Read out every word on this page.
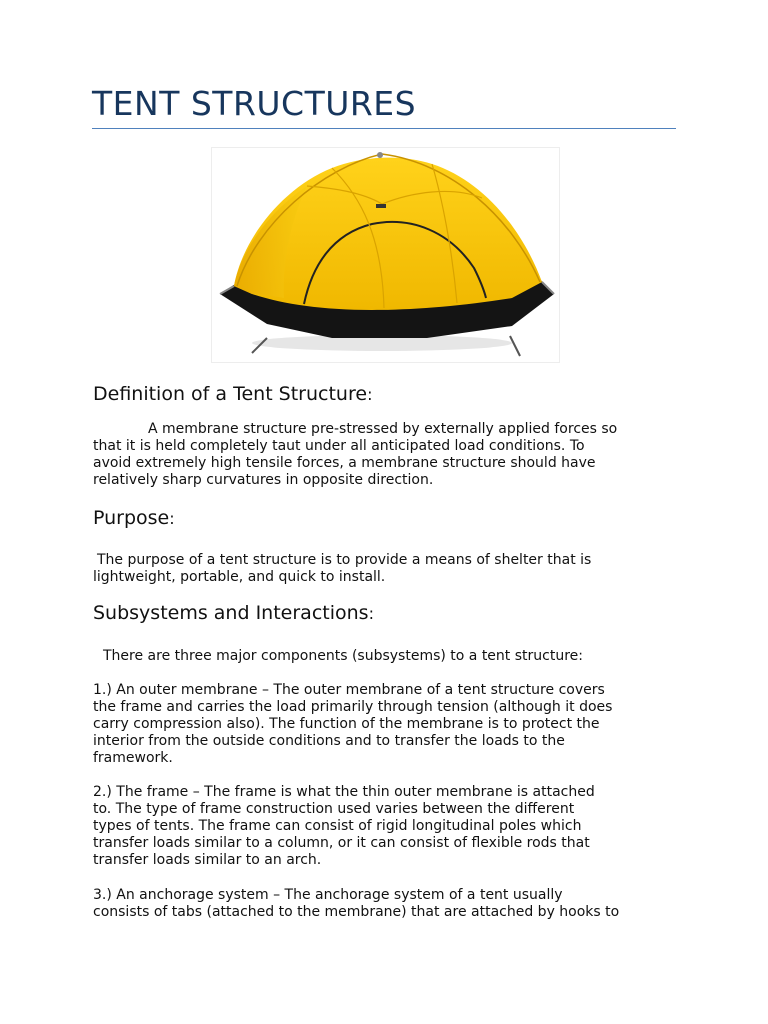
TENT STRUCTURES
Definition of a Tent Structure:
A membrane structure pre-stressed by externally applied forces so
that it is held completely taut under all anticipated load conditions. To
avoid extremely high tensile forces, a membrane structure should have
relatively sharp curvatures in opposite direction.
Purpose:
The purpose of a tent structure is to provide a means of shelter that is
lightweight, portable, and quick to install.
Subsystems and Interactions:
There are three major components (subsystems) to a tent structure:
1.) An outer membrane – The outer membrane of a tent structure covers
the frame and carries the load primarily through tension (although it does
carry compression also). The function of the membrane is to protect the
interior from the outside conditions and to transfer the loads to the
framework.
2.) The frame – The frame is what the thin outer membrane is attached
to. The type of frame construction used varies between the different
types of tents. The frame can consist of rigid longitudinal poles which
transfer loads similar to a column, or it can consist of flexible rods that
transfer loads similar to an arch.
3.) An anchorage system – The anchorage system of a tent usually
consists of tabs (attached to the membrane) that are attached by hooks to
